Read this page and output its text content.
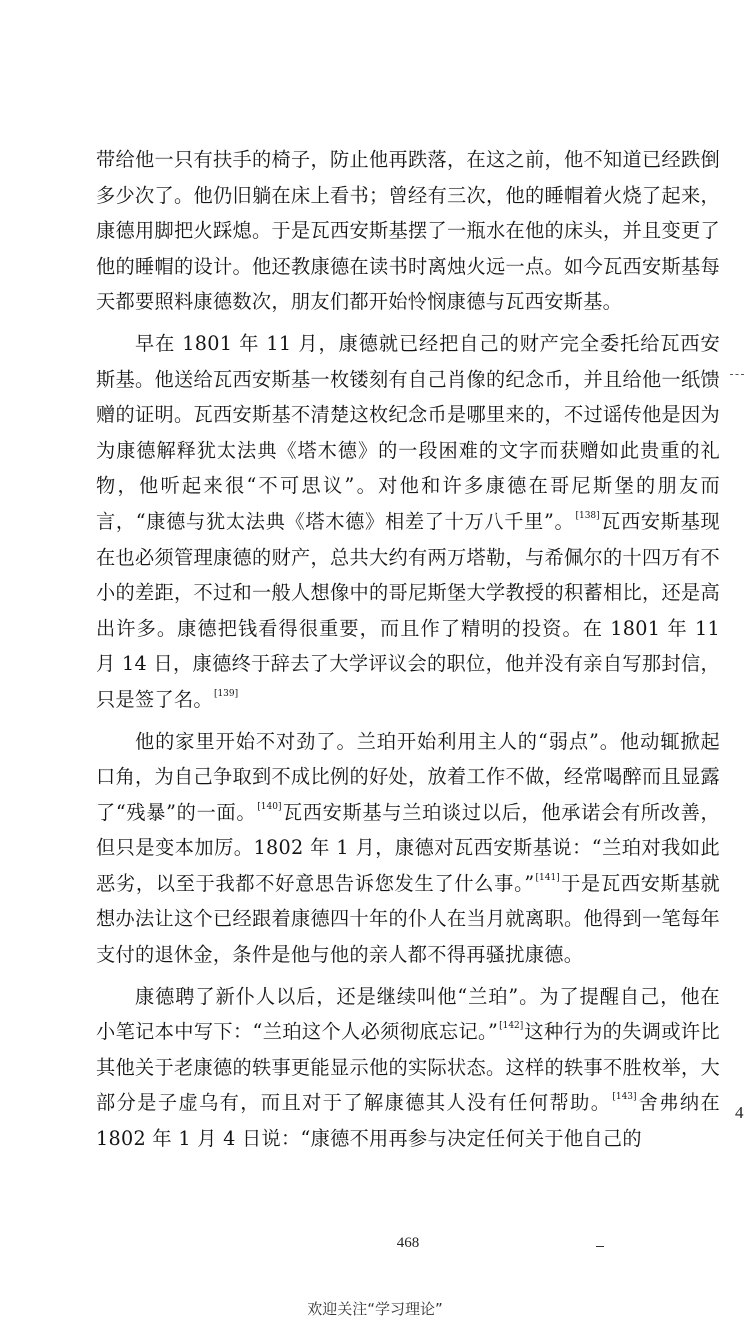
带给他一只有扶手的椅子，防止他再跌落，在这之前，他不知道已经跌倒多少次了。他仍旧躺在床上看书；曾经有三次，他的睡帽着火烧了起来，康德用脚把火踩熄。于是瓦西安斯基摆了一瓶水在他的床头，并且变更了他的睡帽的设计。他还教康德在读书时离烛火远一点。如今瓦西安斯基每天都要照料康德数次，朋友们都开始怜悯康德与瓦西安斯基。

早在 1801 年 11 月，康德就已经把自己的财产完全委托给瓦西安斯基。他送给瓦西安斯基一枚镂刻有自己肖像的纪念币，并且给他一纸馈赠的证明。瓦西安斯基不清楚这枚纪念币是哪里来的，不过谣传他是因为为康德解释犹太法典《塔木德》的一段困难的文字而获赠如此贵重的礼物，他听起来很“不可思议”。对他和许多康德在哥尼斯堡的朋友而言，“康德与犹太法典《塔木德》相差了十万八千里”。[138]瓦西安斯基现在也必须管理康德的财产，总共大约有两万塔勒，与希佩尔的十四万有不小的差距，不过和一般人想像中的哥尼斯堡大学教授的积蓄相比，还是高出许多。康德把钱看得很重要，而且作了精明的投资。在 1801 年 11 月 14 日，康德终于辞去了大学评议会的职位，他并没有亲自写那封信，只是签了名。[139]

他的家里开始不对劲了。兰珀开始利用主人的“弱点”。他动辄掀起口角，为自己争取到不成比例的好处，放着工作不做，经常喝醉而且显露了“残暴”的一面。[140]瓦西安斯基与兰珀谈过以后，他承诺会有所改善，但只是变本加厉。1802 年 1 月，康德对瓦西安斯基说：“兰珀对我如此恶劣，以至于我都不好意思告诉您发生了什么事。”[141]于是瓦西安斯基就想办法让这个已经跟着康德四十年的仆人在当月就离职。他得到一笔每年支付的退休金，条件是他与他的亲人都不得再骚扰康德。

康德聘了新仆人以后，还是继续叫他“兰珀”。为了提醒自己，他在小笔记本中写下：“兰珀这个人必须彻底忘记。”[142]这种行为的失调或许比其他关于老康德的轶事更能显示他的实际状态。这样的轶事不胜枚举，大部分是子虚乌有，而且对于了解康德其人没有任何帮助。[143]舍弗纳在 1802 年 1 月 4 日说：“康德不用再参与决定任何关于他自己的

4
468
欢迎关注“学习理论”
